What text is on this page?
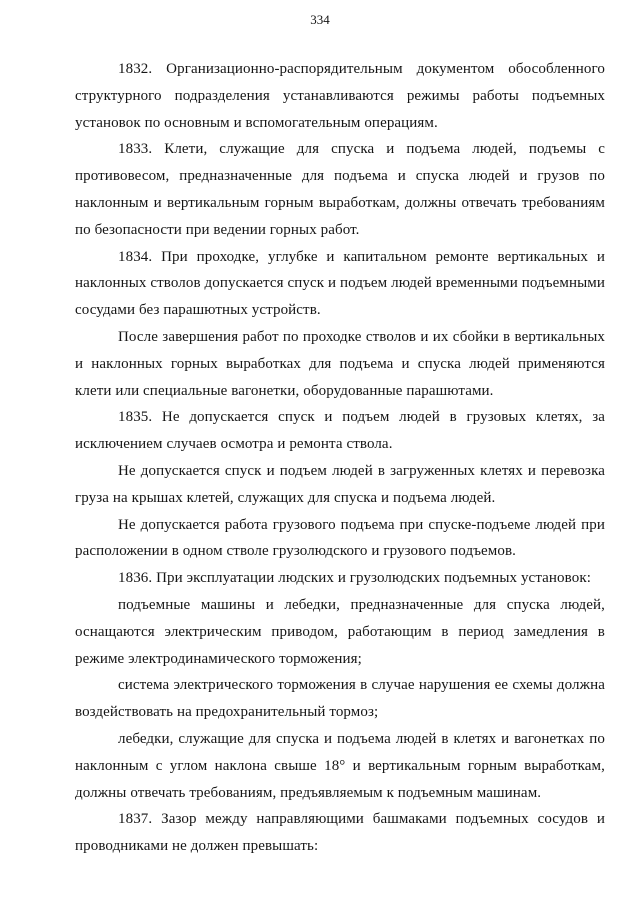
334

1832. Организационно-распорядительным документом обособленного структурного подразделения устанавливаются режимы работы подъемных установок по основным и вспомогательным операциям.

1833. Клети, служащие для спуска и подъема людей, подъемы с противовесом, предназначенные для подъема и спуска людей и грузов по наклонным и вертикальным горным выработкам, должны отвечать требованиям по безопасности при ведении горных работ.

1834. При проходке, углубке и капитальном ремонте вертикальных и наклонных стволов допускается спуск и подъем людей временными подъемными сосудами без парашютных устройств.

После завершения работ по проходке стволов и их сбойки в вертикальных и наклонных горных выработках для подъема и спуска людей применяются клети или специальные вагонетки, оборудованные парашютами.

1835. Не допускается спуск и подъем людей в грузовых клетях, за исключением случаев осмотра и ремонта ствола.

Не допускается спуск и подъем людей в загруженных клетях и перевозка груза на крышах клетей, служащих для спуска и подъема людей.

Не допускается работа грузового подъема при спуске-подъеме людей при расположении в одном стволе грузолюдского и грузового подъемов.

1836. При эксплуатации людских и грузолюдских подъемных установок:

подъемные машины и лебедки, предназначенные для спуска людей, оснащаются электрическим приводом, работающим в период замедления в режиме электродинамического торможения;

система электрического торможения в случае нарушения ее схемы должна воздействовать на предохранительный тормоз;

лебедки, служащие для спуска и подъема людей в клетях и вагонетках по наклонным с углом наклона свыше 18° и вертикальным горным выработкам, должны отвечать требованиям, предъявляемым к подъемным машинам.

1837. Зазор между направляющими башмаками подъемных сосудов и проводниками не должен превышать:
